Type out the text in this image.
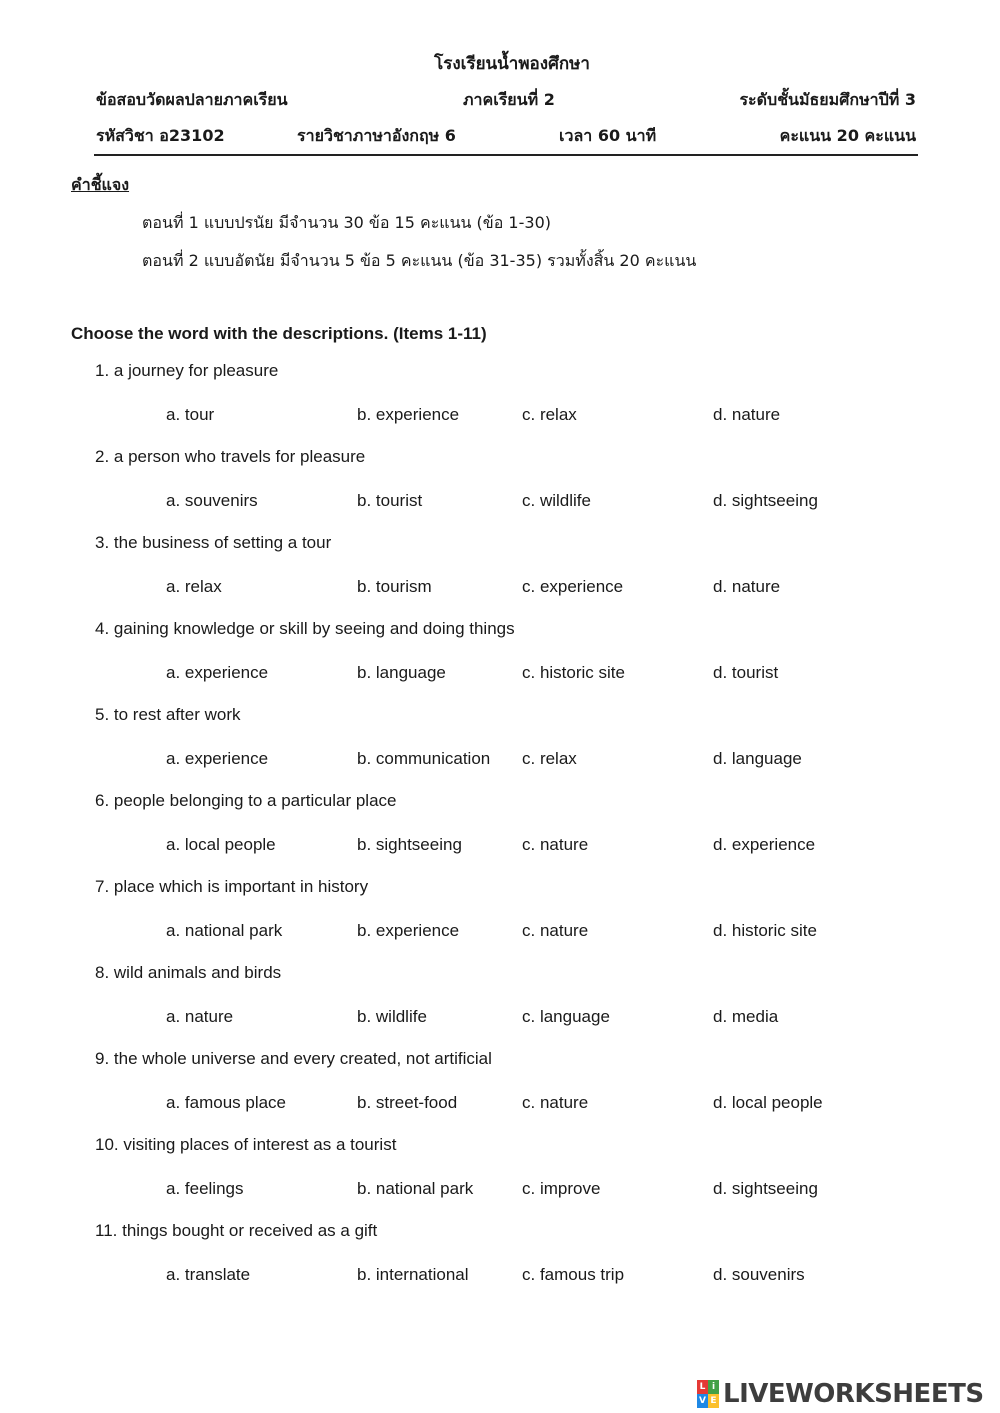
โรงเรียนน้ำพองศึกษา
ข้อสอบวัดผลปลายภาคเรียน	ภาคเรียนที่ 2	ระดับชั้นมัธยมศึกษาปีที่ 3
รหัสวิชา อ23102	รายวิชาภาษาอังกฤษ 6	เวลา 60 นาที	คะแนน 20 คะแนน
คำชี้แจง
ตอนที่ 1 แบบปรนัย มีจำนวน 30 ข้อ 15 คะแนน (ข้อ 1-30)
ตอนที่ 2 แบบอัตนัย มีจำนวน 5 ข้อ 5 คะแนน (ข้อ 31-35) รวมทั้งสิ้น 20 คะแนน
Choose the word with the descriptions. (Items 1-11)
1. a journey for pleasure
a. tour	b. experience	c. relax	d. nature
2. a person who travels for pleasure
a. souvenirs	b. tourist	c. wildlife	d. sightseeing
3. the business of setting a tour
a. relax	b. tourism	c. experience	d. nature
4. gaining knowledge or skill by seeing and doing things
a. experience	b. language	c. historic site	d. tourist
5. to rest after work
a. experience	b. communication c. relax	d. language
6. people belonging to a particular place
a. local people	b. sightseeing	c. nature	d. experience
7. place which is important in history
a. national park	b. experience	c. nature	d. historic site
8. wild animals and birds
a. nature	b. wildlife	c. language	d. media
9. the whole universe and every created, not artificial
a. famous place	b. street-food	c. nature	d. local people
10. visiting places of interest as a tourist
a. feelings	b. national park	c. improve	d. sightseeing
11. things bought or received as a gift
a. translate	b. international	c. famous trip	d. souvenirs
L i
V E LIVEWORKSHEETS
